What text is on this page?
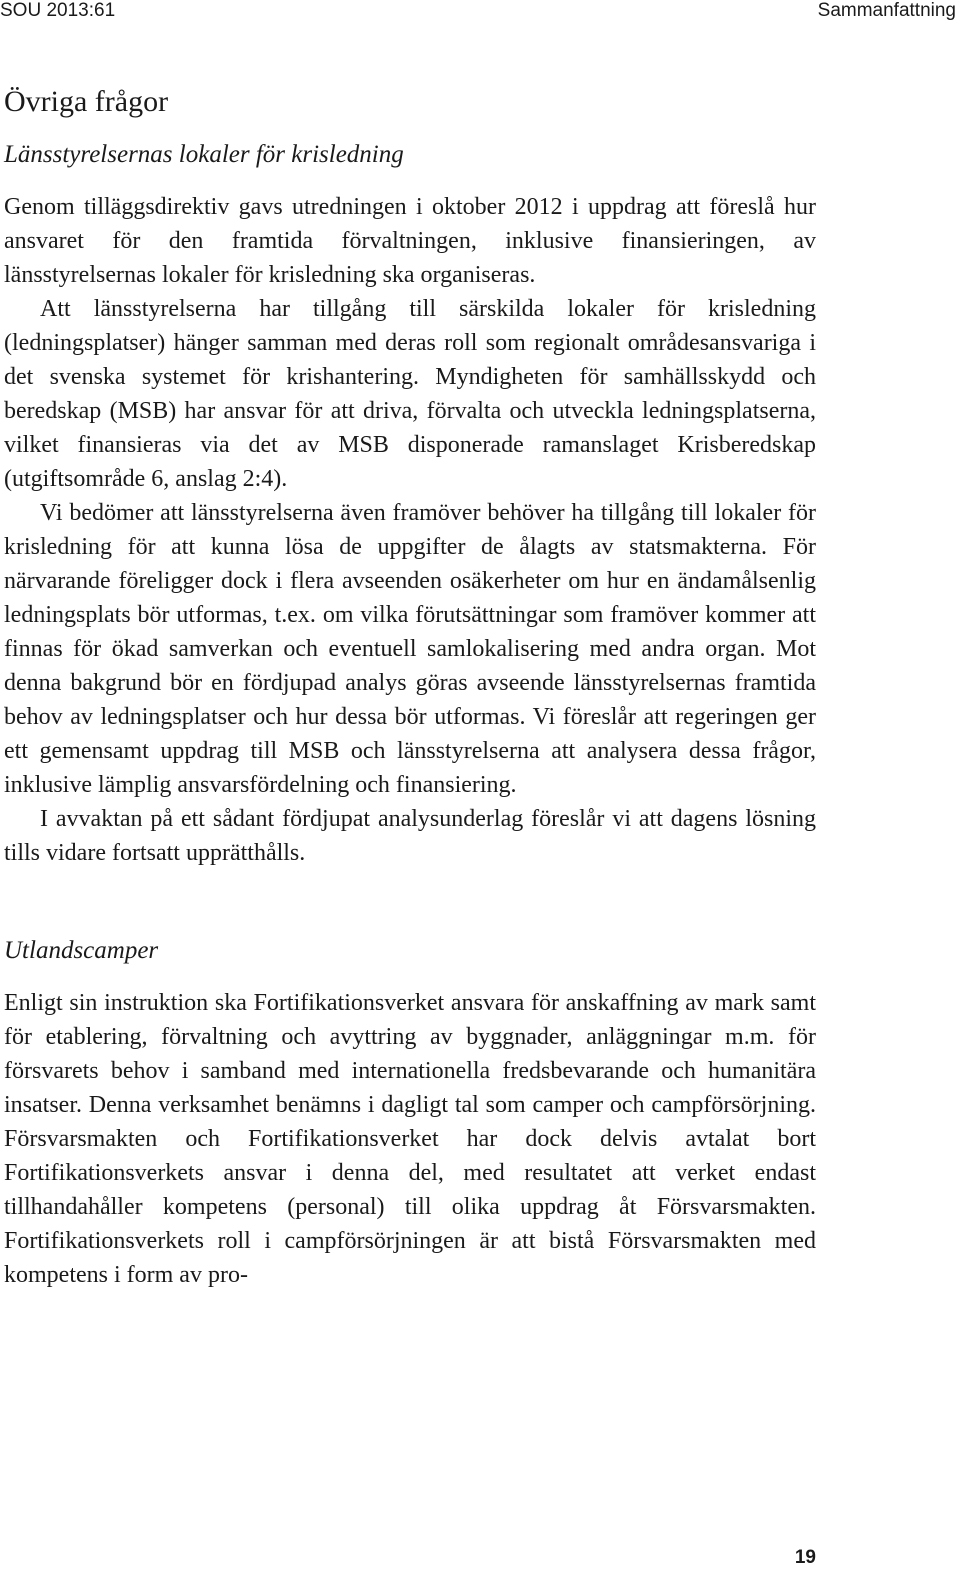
SOU 2013:61	Sammanfattning
Övriga frågor
Länsstyrelsernas lokaler för krisledning

Genom tilläggsdirektiv gavs utredningen i oktober 2012 i uppdrag att föreslå hur ansvaret för den framtida förvaltningen, inklusive finansieringen, av länsstyrelsernas lokaler för krisledning ska organiseras.

Att länsstyrelserna har tillgång till särskilda lokaler för krisledning (ledningsplatser) hänger samman med deras roll som regionalt områdesansvariga i det svenska systemet för krishantering. Myndigheten för samhällsskydd och beredskap (MSB) har ansvar för att driva, förvalta och utveckla ledningsplatserna, vilket finansieras via det av MSB disponerade ramanslaget Krisberedskap (utgiftsområde 6, anslag 2:4).

Vi bedömer att länsstyrelserna även framöver behöver ha tillgång till lokaler för krisledning för att kunna lösa de uppgifter de ålagts av statsmakterna. För närvarande föreligger dock i flera avseenden osäkerheter om hur en ändamålsenlig ledningsplats bör utformas, t.ex. om vilka förutsättningar som framöver kommer att finnas för ökad samverkan och eventuell samlokalisering med andra organ. Mot denna bakgrund bör en fördjupad analys göras avseende länsstyrelsernas framtida behov av ledningsplatser och hur dessa bör utformas. Vi föreslår att regeringen ger ett gemensamt uppdrag till MSB och länsstyrelserna att analysera dessa frågor, inklusive lämplig ansvarsfördelning och finansiering.

I avvaktan på ett sådant fördjupat analysunderlag föreslår vi att dagens lösning tills vidare fortsatt upprätthålls.

Utlandscamper

Enligt sin instruktion ska Fortifikationsverket ansvara för anskaffning av mark samt för etablering, förvaltning och avyttring av byggnader, anläggningar m.m. för försvarets behov i samband med internationella fredsbevarande och humanitära insatser. Denna verksamhet benämns i dagligt tal som camper och campförsörjning. Försvarsmakten och Fortifikationsverket har dock delvis avtalat bort Fortifikationsverkets ansvar i denna del, med resultatet att verket endast tillhandahåller kompetens (personal) till olika uppdrag åt Försvarsmakten. Fortifikationsverkets roll i campförsörjningen är att bistå Försvarsmakten med kompetens i form av pro-

19
